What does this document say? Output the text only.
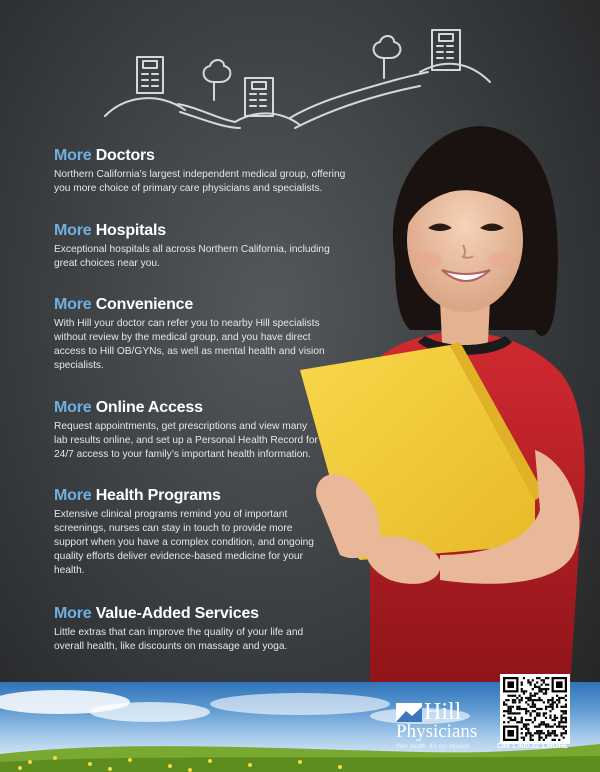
More Doctors

Northern California’s largest independent medical group, offering you more choice of primary care physicians and specialists.

More Hospitals

Exceptional hospitals all across Northern California, including great choices near you.

More Convenience

With Hill your doctor can refer you to nearby Hill specialists without review by the medical group, and you have direct access to Hill OB/GYNs, as well as mental health and vision specialists.

More Online Access

Request appointments, get prescriptions and view many lab results online, and set up a Personal Health Record for 24/7 access to your family’s important health information.

More Health Programs

Extensive clinical programs remind you of important screenings, nurses can stay in touch to provide more support when you have a complex condition, and ongoing quality efforts deliver evidence-based medicine for your health.

More Value-Added Services

Little extras that can improve the quality of your life and overall health, like discounts on massage and yoga.

Hill
Physicians
Your health. It’s our mission	Call 1.800.32.1.MORE
